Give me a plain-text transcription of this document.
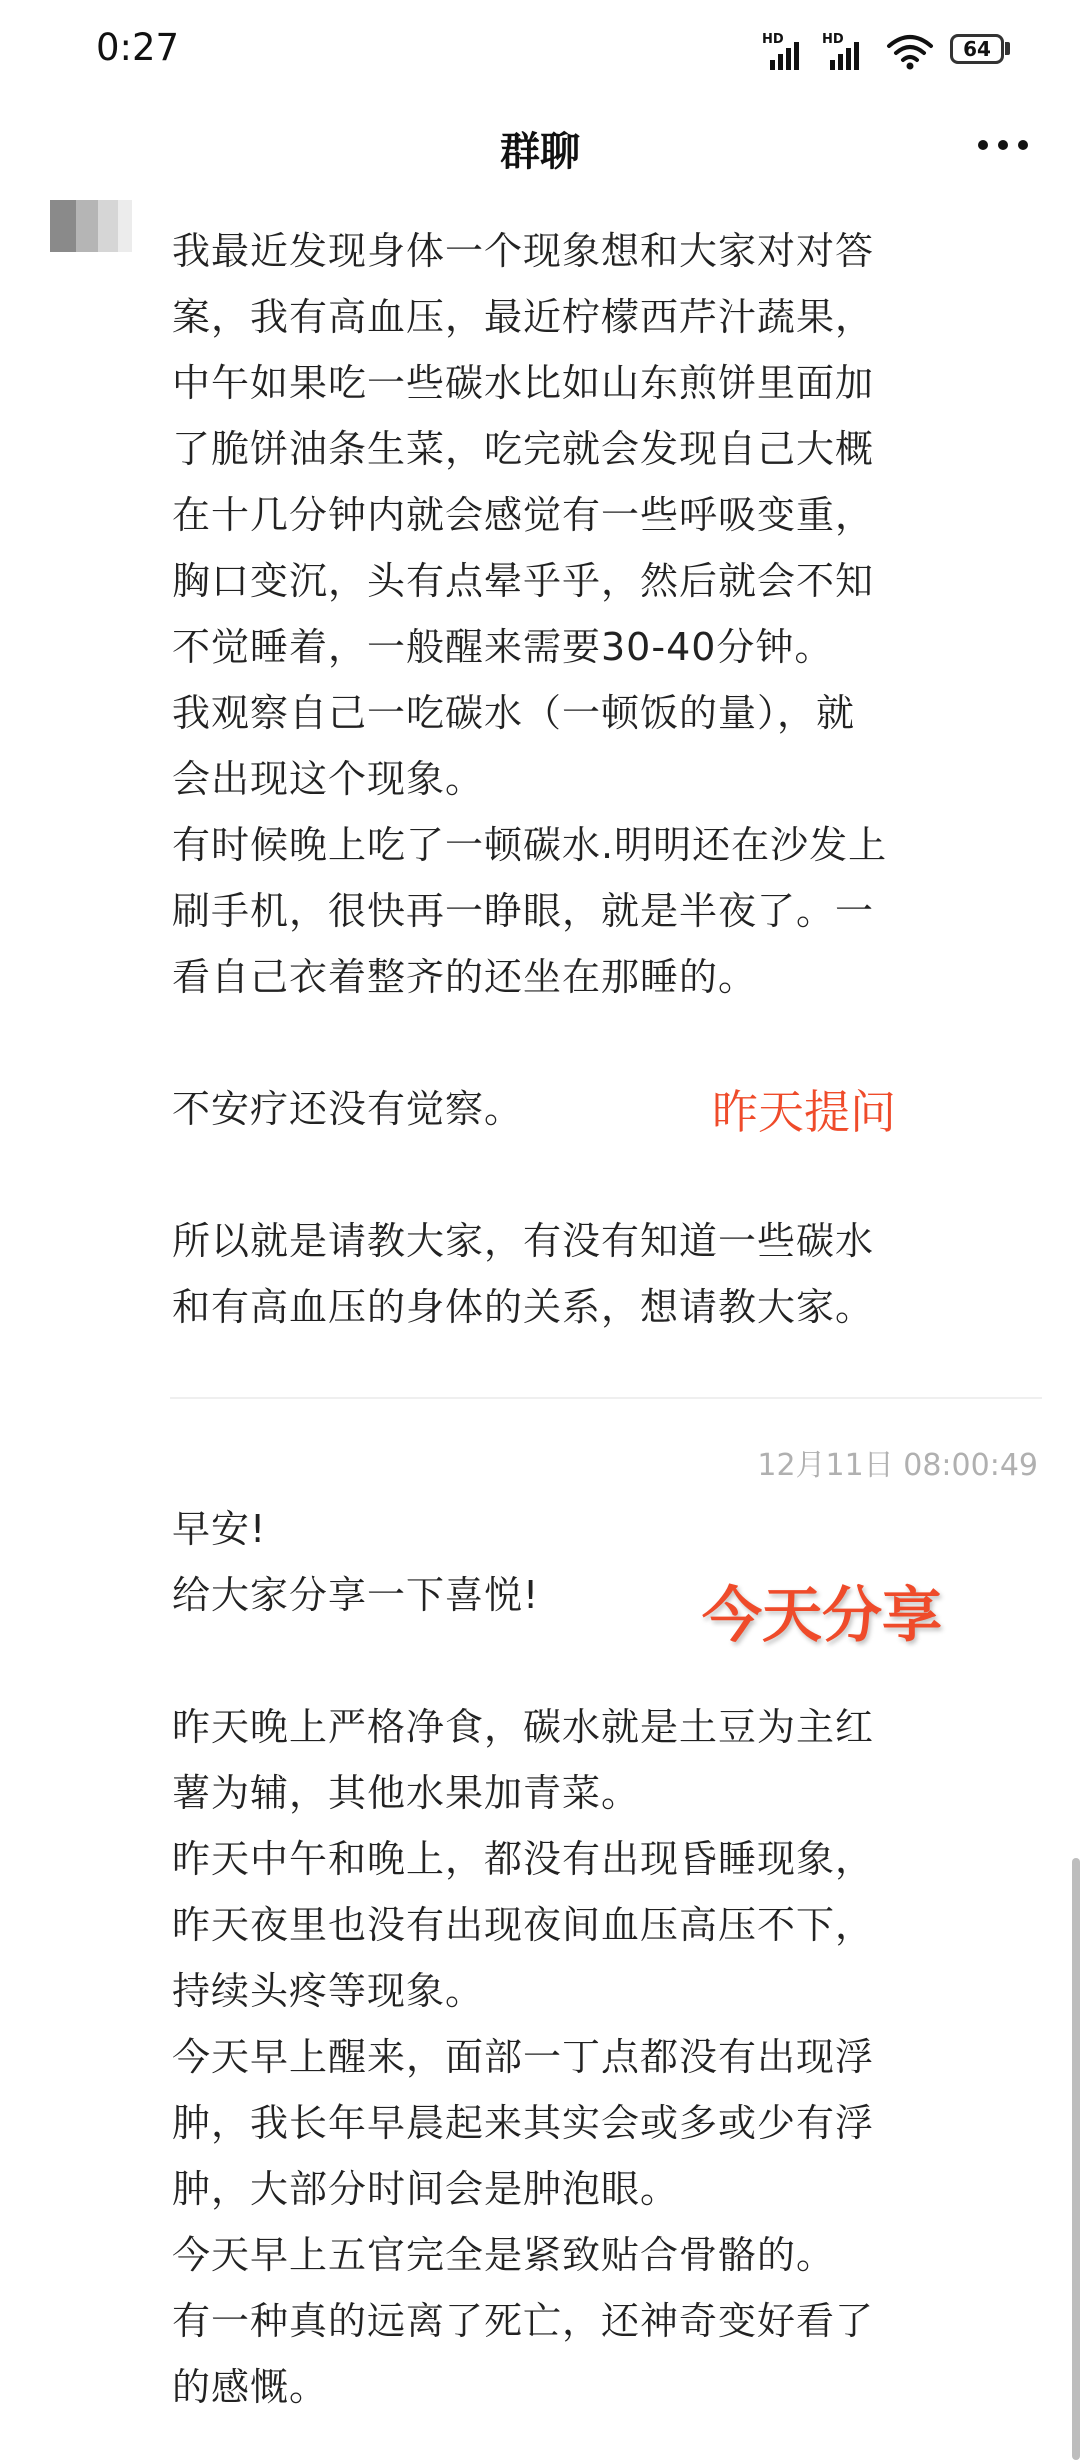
0:27	HD	HD	64
群聊

我最近发现身体一个现象想和大家对对答

案，我有高血压，最近柠檬西芹汁蔬果，

中午如果吃一些碳水比如山东煎饼里面加

了脆饼油条生菜，吃完就会发现自己大概

在十几分钟内就会感觉有一些呼吸变重，

胸口变沉，头有点晕乎乎，然后就会不知

不觉睡着，一般醒来需要30-40分钟。

我观察自己一吃碳水（一顿饭的量），就

会出现这个现象。

有时候晚上吃了一顿碳水.明明还在沙发上

刷手机，很快再一睁眼，就是半夜了。一

看自己衣着整齐的还坐在那睡的。

不安疗还没有觉察。

所以就是请教大家，有没有知道一些碳水

和有高血压的身体的关系，想请教大家。

昨天提问
12月11日 08:00:49

早安!

给大家分享一下喜悦!

昨天晚上严格净食，碳水就是土豆为主红

薯为辅，其他水果加青菜。

昨天中午和晚上，都没有出现昏睡现象，

昨天夜里也没有出现夜间血压高压不下，

持续头疼等现象。

今天早上醒来，面部一丁点都没有出现浮

肿，我长年早晨起来其实会或多或少有浮

肿，大部分时间会是肿泡眼。

今天早上五官完全是紧致贴合骨骼的。

有一种真的远离了死亡，还神奇变好看了

的感慨。

今天分享
